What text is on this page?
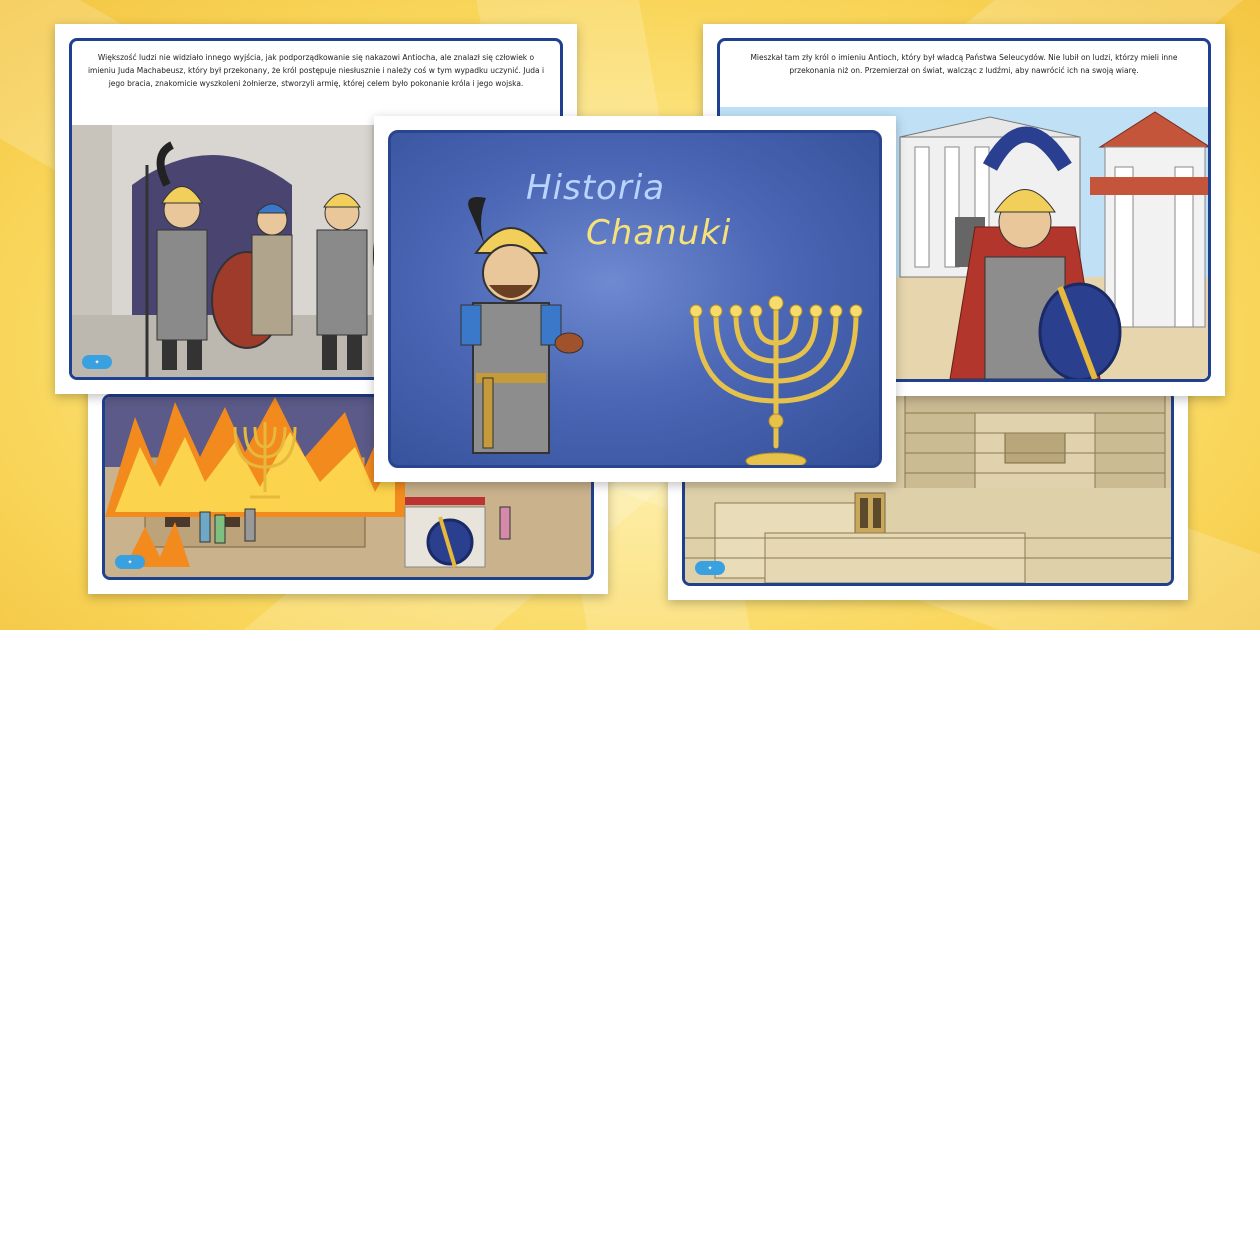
✦
✦
Większość ludzi nie widziało innego wyjścia, jak podporządkowanie się nakazowi Antiocha, ale znalazł się człowiek o imieniu Juda Machabeusz, który był przekonany, że król postępuje niesłusznie i należy coś w tym wypadku uczynić. Juda i jego bracia, znakomicie wyszkoleni żołnierze, stworzyli armię, której celem było pokonanie króla i jego wojska.
✦
Mieszkał tam zły król o imieniu Antioch, który był władcą Państwa Seleucydów. Nie lubił on ludzi, którzy mieli inne przekonania niż on. Przemierzał on świat, walcząc z ludźmi, aby nawrócić ich na swoją wiarę.
Historia
Chanuki
